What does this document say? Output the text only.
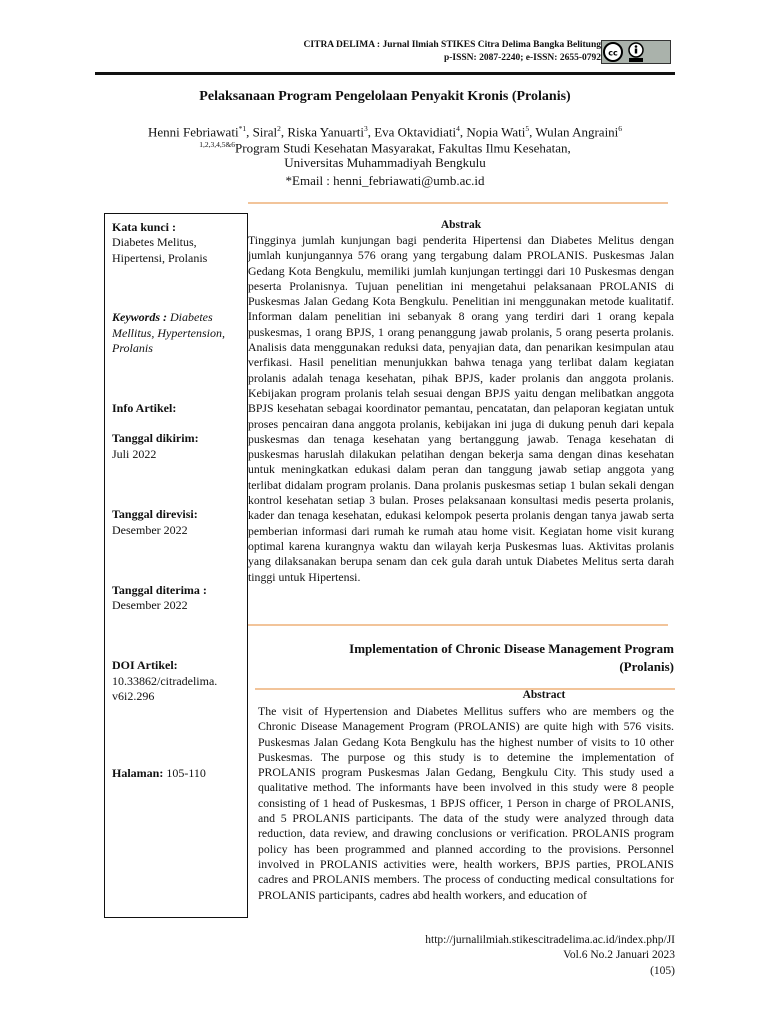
CITRA DELIMA : Jurnal Ilmiah STIKES Citra Delima Bangka Belitung
p-ISSN: 2087-2240; e-ISSN: 2655-0792 cc
Pelaksanaan Program Pengelolaan Penyakit Kronis (Prolanis)
Henni Febriawati$^{*1}$, Siral$^2$, Riska Yanuarti$^3$, Eva Oktavidiati$^4$, Nopia Wati$^5$, Wulan Angraini$^6$
$^{1,2,3,4,5\&6}$Program Studi Kesehatan Masyarakat, Fakultas Ilmu Kesehatan,
Universitas Muhammadiyah Bengkulu
*Email : henni_febriawati@umb.ac.id
Kata kunci :
Diabetes Melitus, Hipertensi, Prolanis
Keywords : Diabetes Mellitus, Hypertension, Prolanis
Info Artikel:
Tanggal dikirim:
Juli 2022
Tanggal direvisi:
Desember 2022
Tanggal diterima :
Desember 2022
DOI Artikel:
10.33862/citradelima.
v6i2.296
Halaman: 105-110
Abstrak
Tingginya jumlah kunjungan bagi penderita Hipertensi dan Diabetes Melitus dengan jumlah kunjungannya 576 orang yang tergabung dalam PROLANIS. Puskesmas Jalan Gedang Kota Bengkulu, memiliki jumlah kunjungan tertinggi dari 10 Puskesmas dengan peserta Prolanisnya. Tujuan penelitian ini mengetahui pelaksanaan PROLANIS di Puskesmas Jalan Gedang Kota Bengkulu. Penelitian ini menggunakan metode kualitatif. Informan dalam penelitian ini sebanyak 8 orang yang terdiri dari 1 orang kepala puskesmas, 1 orang BPJS, 1 orang penanggung jawab prolanis, 5 orang peserta prolanis. Analisis data menggunakan reduksi data, penyajian data, dan penarikan kesimpulan atau verfikasi. Hasil penelitian menunjukkan bahwa tenaga yang terlibat dalam kegiatan prolanis adalah tenaga kesehatan, pihak BPJS, kader prolanis dan anggota prolanis. Kebijakan program prolanis telah sesuai dengan BPJS yaitu dengan melibatkan anggota BPJS kesehatan sebagai koordinator pemantau, pencatatan, dan pelaporan kegiatan untuk proses pencairan dana anggota prolanis, kebijakan ini juga di dukung penuh dari kepala puskesmas dan tenaga kesehatan yang bertanggung jawab. Tenaga kesehatan di puskesmas haruslah dilakukan pelatihan dengan bekerja sama dengan dinas kesehatan untuk meningkatkan edukasi dalam peran dan tanggung jawab setiap anggota yang terlibat didalam program prolanis. Dana prolanis puskesmas setiap 1 bulan sekali dengan kontrol kesehatan setiap 3 bulan. Proses pelaksanaan konsultasi medis peserta prolanis, kader dan tenaga kesehatan, edukasi kelompok peserta prolanis dengan tanya jawab serta pemberian informasi dari rumah ke rumah atau home visit. Kegiatan home visit kurang optimal karena kurangnya waktu dan wilayah kerja Puskesmas luas. Aktivitas prolanis yang dilaksanakan berupa senam dan cek gula darah untuk Diabetes Melitus serta darah tinggi untuk Hipertensi.
Implementation of Chronic Disease Management Program
(Prolanis)
Abstract
The visit of Hypertension and Diabetes Mellitus suffers who are members og the Chronic Disease Management Program (PROLANIS) are quite high with 576 visits. Puskesmas Jalan Gedang Kota Bengkulu has the highest number of visits to 10 other Puskesmas. The purpose og this study is to detemine the implementation of PROLANIS program Puskesmas Jalan Gedang, Bengkulu City. This study used a qualitative method. The informants have been involved in this study were 8 people consisting of 1 head of Puskesmas, 1 BPJS officer, 1 Person in charge of PROLANIS, and 5 PROLANIS participants. The data of the study were analyzed through data reduction, data review, and drawing conclusions or verification. PROLANIS program policy has been programmed and planned according to the provisions. Personnel involved in PROLANIS activities were, health workers, BPJS parties, PROLANIS cadres and PROLANIS members. The process of conducting medical consultations for PROLANIS participants, cadres abd health workers, and education of
http://jurnalilmiah.stikescitradelima.ac.id/index.php/JI
Vol.6 No.2 Januari 2023
(105)
